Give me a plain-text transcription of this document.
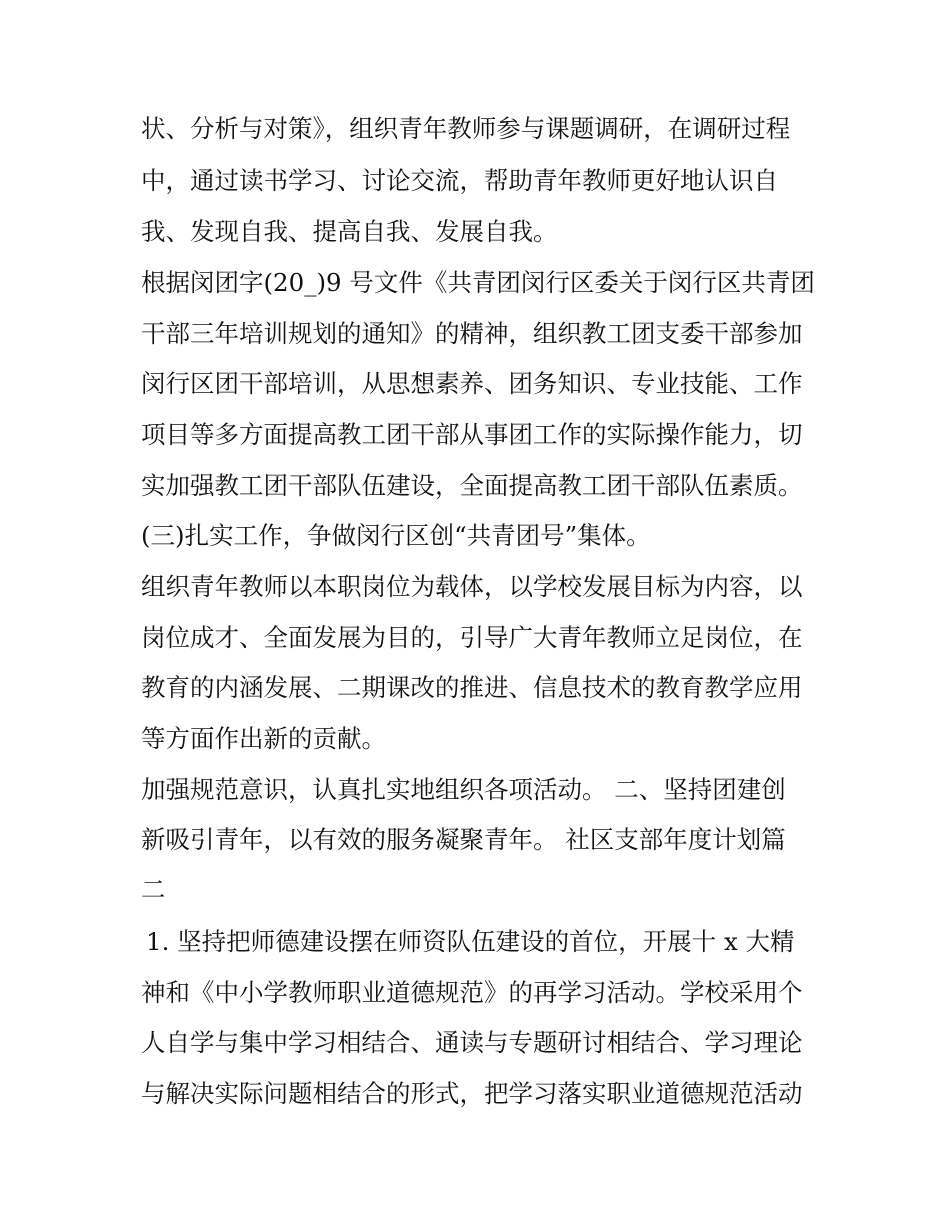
状、分析与对策》，组织青年教师参与课题调研，在调研过程
中，通过读书学习、讨论交流，帮助青年教师更好地认识自
我、发现自我、提高自我、发展自我。
根据闵团字(20_)9 号文件《共青团闵行区委关于闵行区共青团
干部三年培训规划的通知》的精神，组织教工团支委干部参加
闵行区团干部培训，从思想素养、团务知识、专业技能、工作
项目等多方面提高教工团干部从事团工作的实际操作能力，切
实加强教工团干部队伍建设，全面提高教工团干部队伍素质。
(三)扎实工作，争做闵行区创“共青团号”集体。
组织青年教师以本职岗位为载体，以学校发展目标为内容，以
岗位成才、全面发展为目的，引导广大青年教师立足岗位，在
教育的内涵发展、二期课改的推进、信息技术的教育教学应用
等方面作出新的贡献。
加强规范意识，认真扎实地组织各项活动。 二、坚持团建创
新吸引青年，以有效的服务凝聚青年。 社区支部年度计划篇
二
1. 坚持把师德建设摆在师资队伍建设的首位，开展十 x 大精
神和《中小学教师职业道德规范》的再学习活动。学校采用个
人自学与集中学习相结合、通读与专题研讨相结合、学习理论
与解决实际问题相结合的形式，把学习落实职业道德规范活动
